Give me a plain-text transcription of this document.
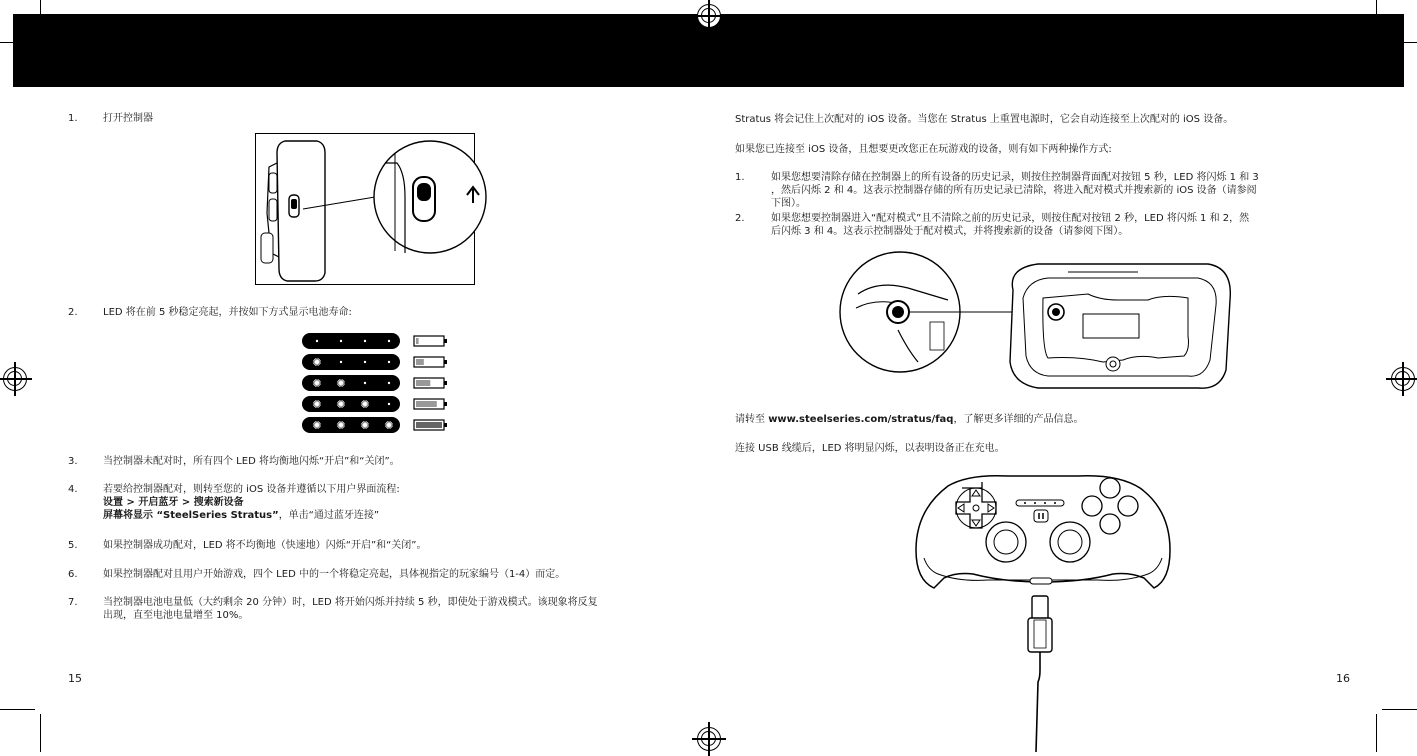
1.	打开控制器
2.	LED 将在前 5 秒稳定亮起，并按如下方式显示电池寿命:
✺
✺ ✺
✺ ✺ ✺
✺ ✺ ✺ ✺
3.	当控制器未配对时，所有四个 LED 将均衡地闪烁“开启”和“关闭”。
4.	若要给控制器配对，则转至您的 iOS 设备并遵循以下用户界面流程:
设置 > 开启蓝牙 > 搜索新设备
屏幕将显示 “SteelSeries Stratus”，单击“通过蓝牙连接”
5.	如果控制器成功配对，LED 将不均衡地（快速地）闪烁“开启”和“关闭”。
6.	如果控制器配对且用户开始游戏，四个 LED 中的一个将稳定亮起，具体视指定的玩家编号（1-4）而定。
7.	当控制器电池电量低（大约剩余 20 分钟）时，LED 将开始闪烁并持续 5 秒，即使处于游戏模式。该现象将反复
出现，直至电池电量增至 10%。
15
Stratus 将会记住上次配对的 iOS 设备。当您在 Stratus 上重置电源时，它会自动连接至上次配对的 iOS 设备。
如果您已连接至 iOS 设备，且想要更改您正在玩游戏的设备，则有如下两种操作方式:
1.	如果您想要清除存储在控制器上的所有设备的历史记录，则按住控制器背面配对按钮 5 秒，LED 将闪烁 1 和 3
，然后闪烁 2 和 4。这表示控制器存储的所有历史记录已清除，将进入配对模式并搜索新的 iOS 设备（请参阅
下图）。
2.	如果您想要控制器进入“配对模式”且不清除之前的历史记录，则按住配对按钮 2 秒，LED 将闪烁 1 和 2，然
后闪烁 3 和 4。这表示控制器处于配对模式，并将搜索新的设备（请参阅下图）。
请转至 www.steelseries.com/stratus/faq，了解更多详细的产品信息。
连接 USB 线缆后，LED 将明显闪烁，以表明设备正在充电。
16
